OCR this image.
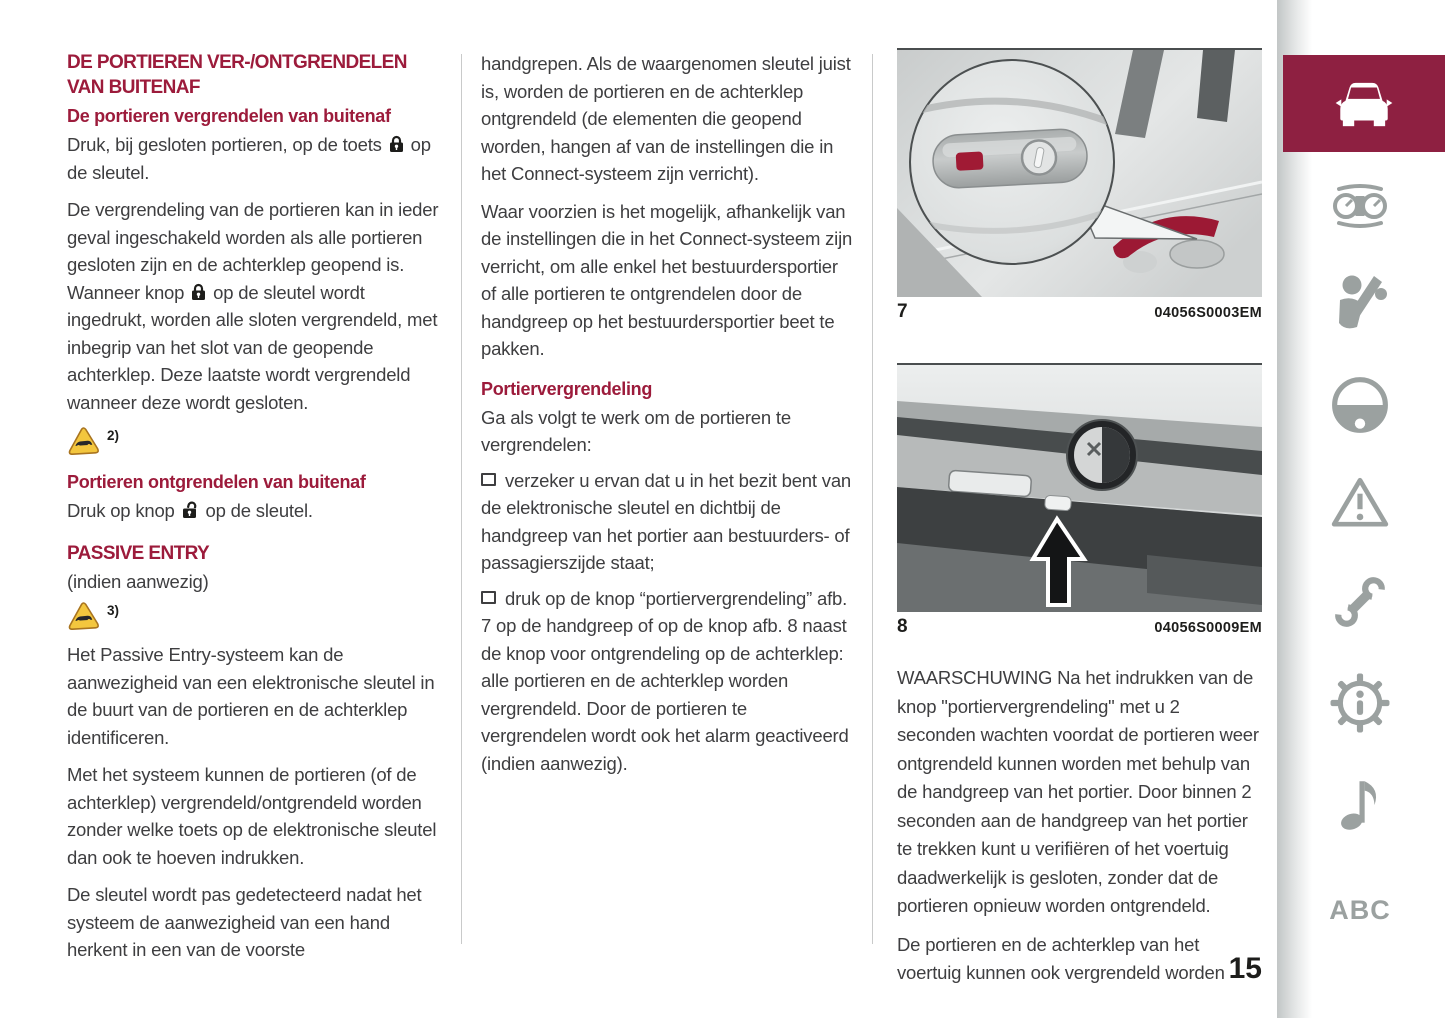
DE PORTIEREN VER-/ONTGRENDELEN VAN BUITENAF
De portieren vergrendelen van buitenaf

Druk, bij gesloten portieren, op de toets op de sleutel.

De vergrendeling van de portieren kan in ieder geval ingeschakeld worden als alle portieren gesloten zijn en de achterklep geopend is. Wanneer knop op de sleutel wordt ingedrukt, worden alle sloten vergrendeld, met inbegrip van het slot van de geopende achterklep. Deze laatste wordt vergrendeld wanneer deze wordt gesloten.

2)
Portieren ontgrendelen van buitenaf

Druk op knop op de sleutel.

PASSIVE ENTRY

(indien aanwezig)

3)

Het Passive Entry-systeem kan de aanwezigheid van een elektronische sleutel in de buurt van de portieren en de achterklep identificeren.

Met het systeem kunnen de portieren (of de achterklep) vergrendeld/ontgrendeld worden zonder welke toets op de elektronische sleutel dan ook te hoeven indrukken.

De sleutel wordt pas gedetecteerd nadat het systeem de aanwezigheid van een hand herkent in een van de voorste

handgrepen. Als de waargenomen sleutel juist is, worden de portieren en de achterklep ontgrendeld (de elementen die geopend worden, hangen af van de instellingen die in het Connect-systeem zijn verricht).

Waar voorzien is het mogelijk, afhankelijk van de instellingen die in het Connect-systeem zijn verricht, om alle enkel het bestuurdersportier of alle portieren te ontgrendelen door de handgreep op het bestuurdersportier beet te pakken.

Portiervergrendeling

Ga als volgt te werk om de portieren te vergrendelen:

verzeker u ervan dat u in het bezit bent van de elektronische sleutel en dichtbij de handgreep van het portier aan bestuurders- of passagierszijde staat;

druk op de knop “portiervergrendeling” afb. 7 op de handgreep of op de knop afb. 8 naast de knop voor ontgrendeling op de achterklep: alle portieren en de achterklep worden vergrendeld. Door de portieren te vergrendelen wordt ook het alarm geactiveerd (indien aanwezig).

7	04056S0003EM
8	04056S0009EM

WAARSCHUWING Na het indrukken van de knop "portiervergrendeling" met u 2 seconden wachten voordat de portieren weer ontgrendeld kunnen worden met behulp van de handgreep van het portier. Door binnen 2 seconden aan de handgreep van het portier te trekken kunt u verifiëren of het voertuig daadwerkelijk is gesloten, zonder dat de portieren opnieuw worden ontgrendeld.

De portieren en de achterklep van het voertuig kunnen ook vergrendeld worden

ABC
15
